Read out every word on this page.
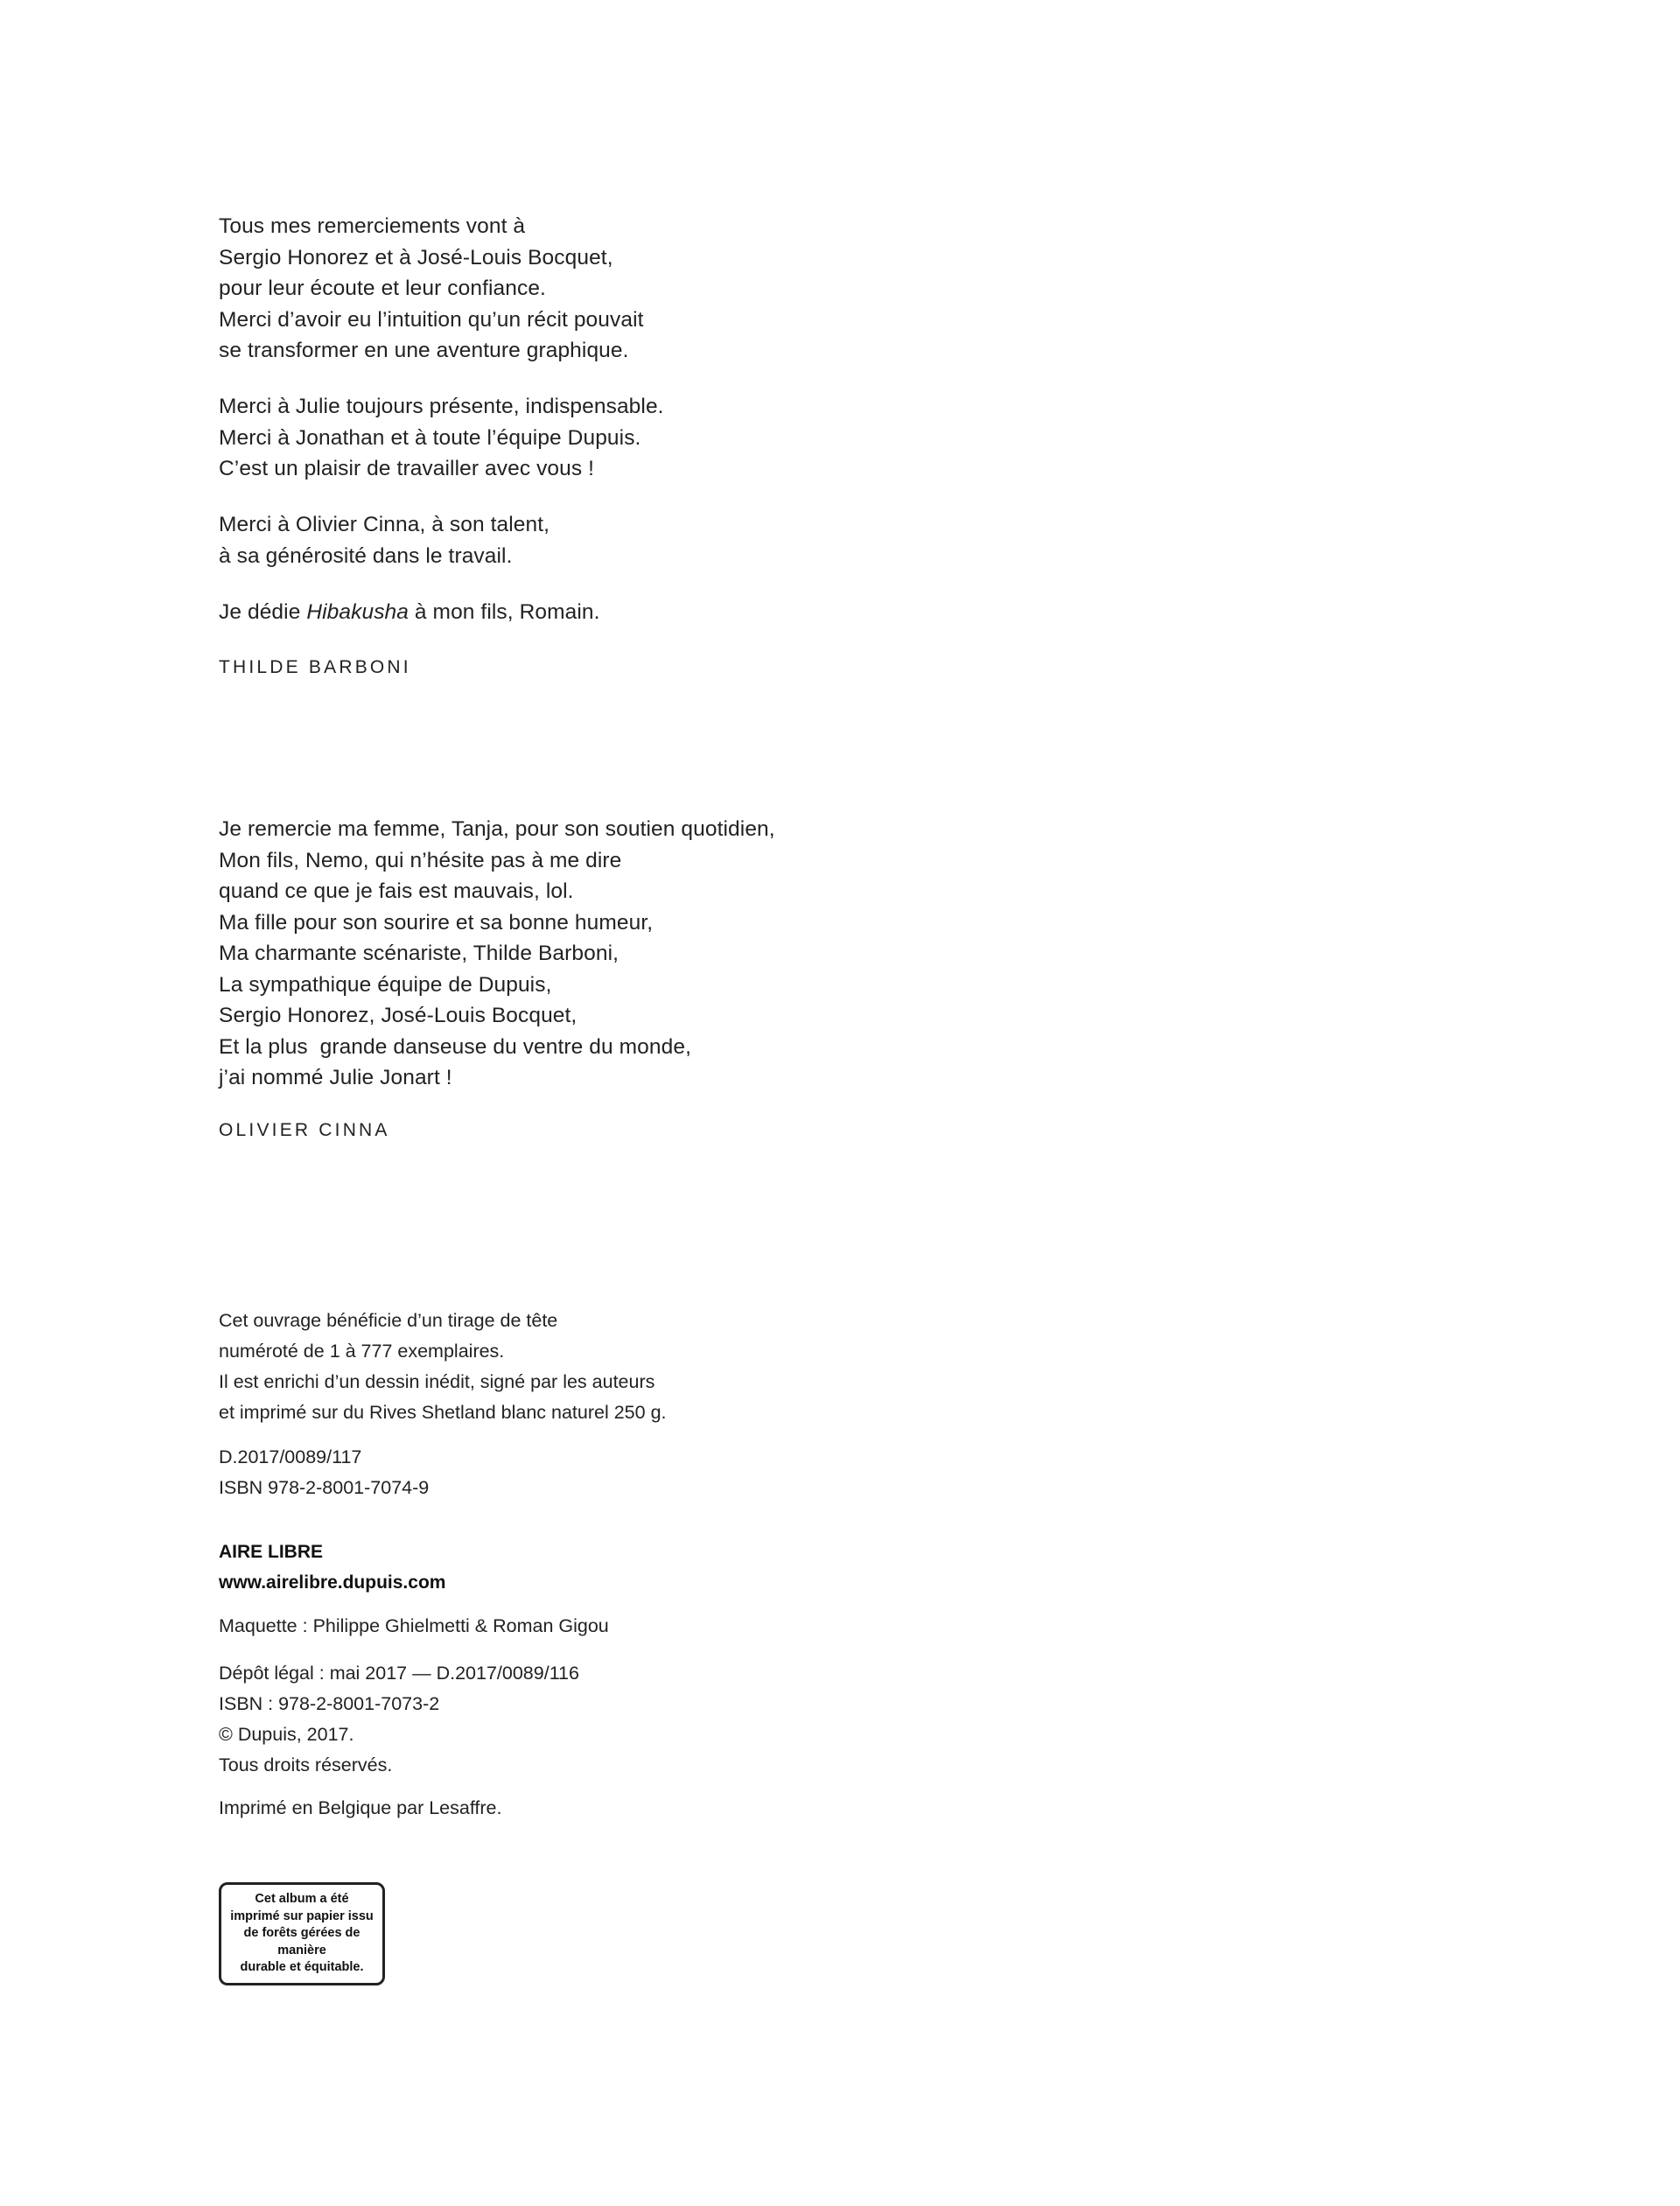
Tous mes remerciements vont à
Sergio Honorez et à José-Louis Bocquet,
pour leur écoute et leur confiance.
Merci d’avoir eu l’intuition qu’un récit pouvait
se transformer en une aventure graphique.
Merci à Julie toujours présente, indispensable.
Merci à Jonathan et à toute l’équipe Dupuis.
C’est un plaisir de travailler avec vous !
Merci à Olivier Cinna, à son talent,
à sa générosité dans le travail.
Je dédie Hibakusha à mon fils, Romain.
THILDE BARBONI
Je remercie ma femme, Tanja, pour son soutien quotidien,
Mon fils, Nemo, qui n’hésite pas à me dire
quand ce que je fais est mauvais, lol.
Ma fille pour son sourire et sa bonne humeur,
Ma charmante scénariste, Thilde Barboni,
La sympathique équipe de Dupuis,
Sergio Honorez, José-Louis Bocquet,
Et la plus  grande danseuse du ventre du monde,
j’ai nommé Julie Jonart !
OLIVIER CINNA
Cet ouvrage bénéficie d’un tirage de tête
numéroté de 1 à 777 exemplaires.
Il est enrichi d’un dessin inédit, signé par les auteurs
et imprimé sur du Rives Shetland blanc naturel 250 g.
D.2017/0089/117
ISBN 978-2-8001-7074-9
AIRE LIBRE
www.airelibre.dupuis.com
Maquette : Philippe Ghielmetti & Roman Gigou
Dépôt légal : mai 2017 — D.2017/0089/116
ISBN : 978-2-8001-7073-2
© Dupuis, 2017.
Tous droits réservés.
Imprimé en Belgique par Lesaffre.
Cet album a été
imprimé sur papier issu
de forêts gérées de
manière
durable et équitable.
